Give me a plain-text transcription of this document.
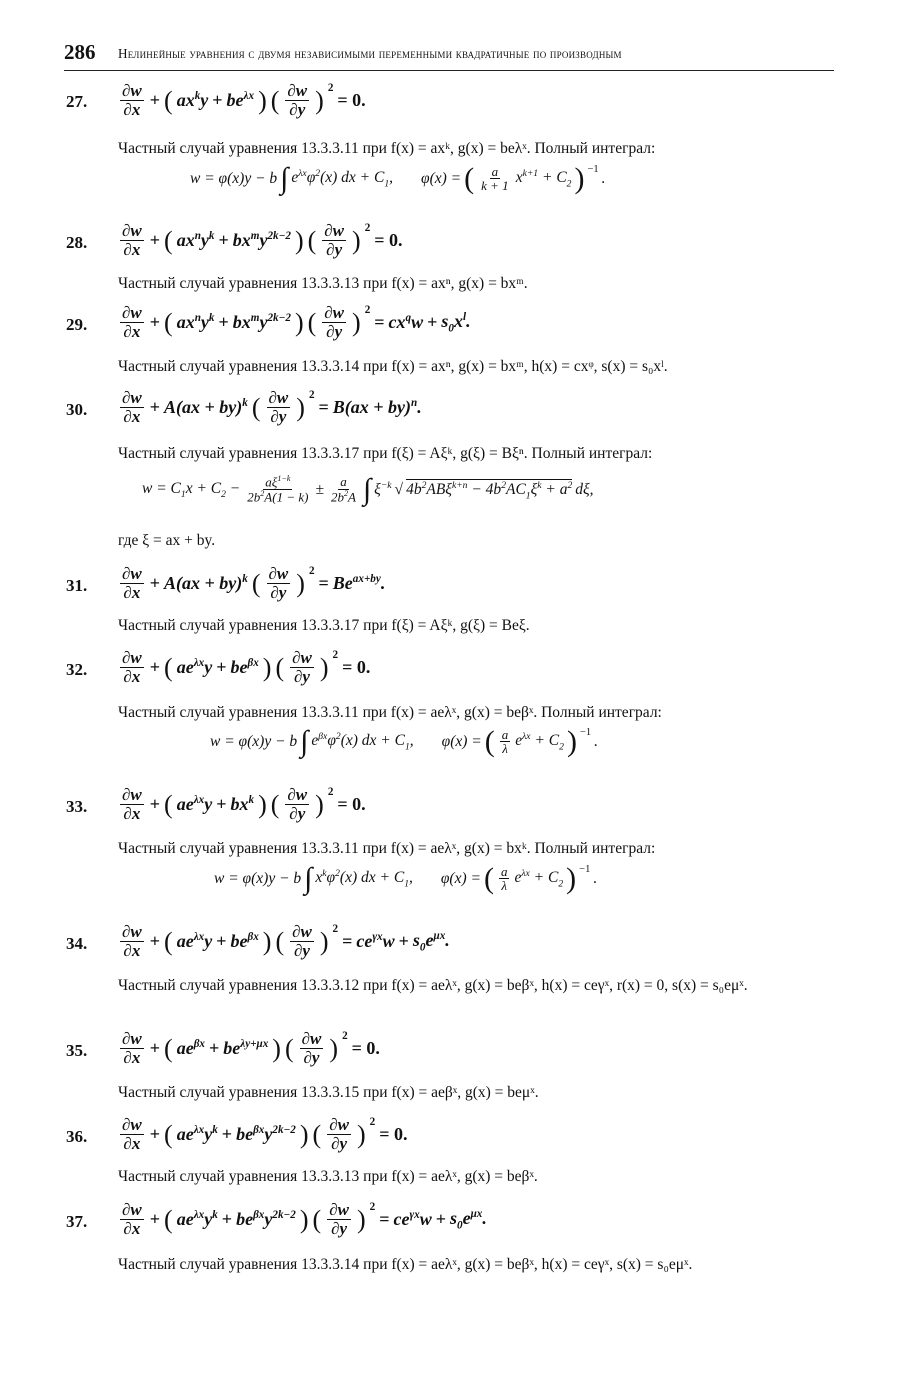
286 Нелинейные уравнения с двумя независимыми переменными квадратичные по производным
27. $\frac{\partial w}{\partial x}$ + ( $ax^ky + be^{\lambda x}$ ) ( $\frac{\partial w}{\partial y}$ ) $^2$
= 0.
Частный случай уравнения 13.3.3.11 при f(x) = axᵏ, g(x) = beλˣ. Полный интеграл:
w = φ(x)y − b ∫ $e^{\lambda x}\varphi^2(x)$ dx + $C_1$, φ(x) = ( $\frac{a}{k + 1} x^{k+1} + C_2$ ) −1
.
28. $\frac{\partial w}{\partial x}$ + ( $ax^ny^k + bx^my^{2k-2}$ ) ( $\frac{\partial w}{\partial y}$ ) $^2$
= 0.
Частный случай уравнения 13.3.3.13 при f(x) = axⁿ, g(x) = bxᵐ.
29. $\frac{\partial w}{\partial x}$ + ( $ax^ny^k + bx^my^{2k-2}$ ) ( $\frac{\partial w}{\partial y}$ ) $^2$
= $cx^qw + s_0x^l$.
Частный случай уравнения 13.3.3.14 при f(x) = axⁿ, g(x) = bxᵐ, h(x) = cxᵠ, s(x) = s₀xˡ.
30. $\frac{\partial w}{\partial x} + A(ax + by)^k$ ( $\frac{\partial w}{\partial y}$ ) $^2$
= B(ax + by)$^n$.
Частный случай уравнения 13.3.3.17 при f(ξ) = Aξᵏ, g(ξ) = Bξⁿ. Полный интеграл:
$w = C_1x + C_2 - \frac{a\xi^{1-k}}{2b^2A(1 - k)} \pm \frac{a}{2b^2A}$ ∫ $\xi^{-k}$ √ $4b^2AB\xi^{k+n} - 4b^2AC_1\xi^k + a^2$ dξ,
где ξ = ax + by.
31. $\frac{\partial w}{\partial x} + A(ax + by)^k$ ( $\frac{\partial w}{\partial y}$ ) $^2$
= $Be^{ax+by}$.
Частный случай уравнения 13.3.3.17 при f(ξ) = Aξᵏ, g(ξ) = Beξ.
32. $\frac{\partial w}{\partial x}$ + ( $ae^{\lambda x}y + be^{\beta x}$ ) ( $\frac{\partial w}{\partial y}$ ) $^2$
= 0.
Частный случай уравнения 13.3.3.11 при f(x) = aeλˣ, g(x) = beβˣ. Полный интеграл:
w = φ(x)y − b ∫ $e^{\beta x}\varphi^2(x)$ dx + $C_1$, φ(x) = ( $\frac{a}{\lambda} e^{\lambda x} + C_2$ ) −1
.
33. $\frac{\partial w}{\partial x}$ + ( $ae^{\lambda x}y + bx^k$ ) ( $\frac{\partial w}{\partial y}$ ) $^2$
= 0.
Частный случай уравнения 13.3.3.11 при f(x) = aeλˣ, g(x) = bxᵏ. Полный интеграл:
w = φ(x)y − b ∫ $x^k\varphi^2(x)$ dx + $C_1$, φ(x) = ( $\frac{a}{\lambda} e^{\lambda x} + C_2$ ) −1
.
34. $\frac{\partial w}{\partial x}$ + ( $ae^{\lambda x}y + be^{\beta x}$ ) ( $\frac{\partial w}{\partial y}$ ) $^2$
= $ce^{\gamma x}w + s_0e^{\mu x}$.
Частный случай уравнения 13.3.3.12 при f(x) = aeλˣ, g(x) = beβˣ, h(x) = ceγˣ, r(x) = 0, s(x) = s₀eμˣ.
35. $\frac{\partial w}{\partial x}$ + ( $ae^{\beta x} + be^{\lambda y+\mu x}$ ) ( $\frac{\partial w}{\partial y}$ ) $^2$
= 0.
Частный случай уравнения 13.3.3.15 при f(x) = aeβˣ, g(x) = beμˣ.
36. $\frac{\partial w}{\partial x}$ + ( $ae^{\lambda x}y^k + be^{\beta x}y^{2k-2}$ ) ( $\frac{\partial w}{\partial y}$ ) $^2$
= 0.
Частный случай уравнения 13.3.3.13 при f(x) = aeλˣ, g(x) = beβˣ.
37. $\frac{\partial w}{\partial x}$ + ( $ae^{\lambda x}y^k + be^{\beta x}y^{2k-2}$ ) ( $\frac{\partial w}{\partial y}$ ) $^2$
= $ce^{\gamma x}w + s_0e^{\mu x}$.
Частный случай уравнения 13.3.3.14 при f(x) = aeλˣ, g(x) = beβˣ, h(x) = ceγˣ, s(x) = s₀eμˣ.
